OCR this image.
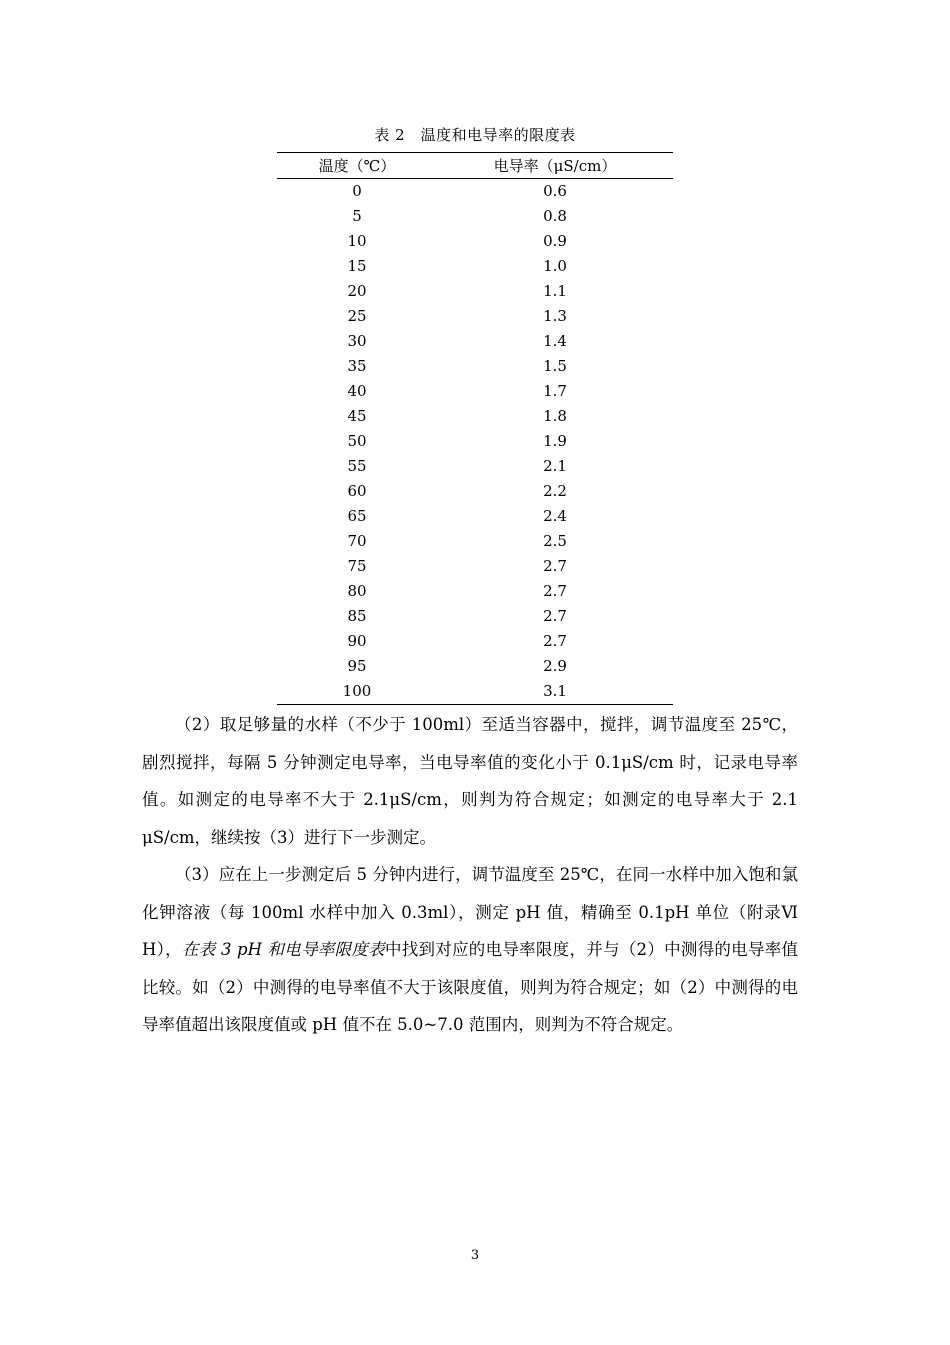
表 2　温度和电导率的限度表
温度（℃）	电导率（μS/cm）
0	0.6
5	0.8
10	0.9
15	1.0
20	1.1
25	1.3
30	1.4
35	1.5
40	1.7
45	1.8
50	1.9
55	2.1
60	2.2
65	2.4
70	2.5
75	2.7
80	2.7
85	2.7
90	2.7
95	2.9
100	3.1

（2）取足够量的水样（不少于 100ml）至适当容器中，搅拌，调节温度至 25℃，剧烈搅拌，每隔 5 分钟测定电导率，当电导率值的变化小于 0.1μS/cm 时，记录电导率值。如测定的电导率不大于 2.1μS/cm，则判为符合规定；如测定的电导率大于 2.1 μS/cm，继续按（3）进行下一步测定。

（3）应在上一步测定后 5 分钟内进行，调节温度至 25℃，在同一水样中加入饱和氯化钾溶液（每 100ml 水样中加入 0.3ml），测定 pH 值，精确至 0.1pH 单位（附录Ⅵ H），在表 3 pH 和电导率限度表中找到对应的电导率限度，并与（2）中测得的电导率值比较。如（2）中测得的电导率值不大于该限度值，则判为符合规定；如（2）中测得的电导率值超出该限度值或 pH 值不在 5.0~7.0 范围内，则判为不符合规定。

3
